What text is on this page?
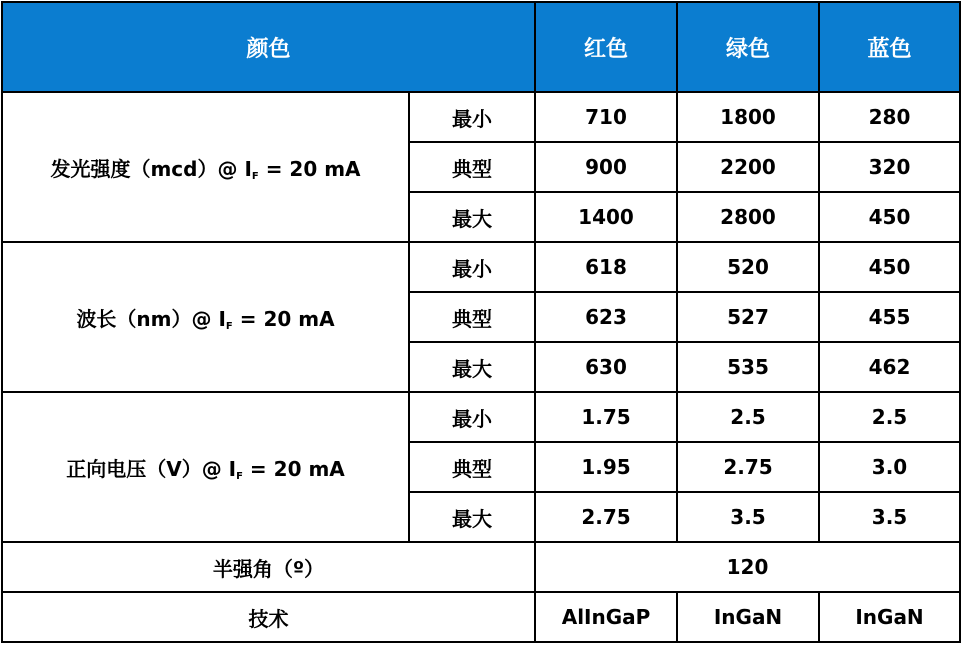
颜色		红色	绿色	蓝色
发光强度（mcd）@ $I_F = 20$ mA	最小	710	1800	280
	典型	900	2200	320
	最大	1400	2800	450
波长（nm）@ $I_F = 20$ mA	最小	618	520	450
	典型	623	527	455
	最大	630	535	462
正向电压（V）@ $I_F = 20$ mA	最小	1.75	2.5	2.5
	典型	1.95	2.75	3.0
	最大	2.75	3.5	3.5
半强角（º）		120		
技术		AlInGaP	InGaN	InGaN
